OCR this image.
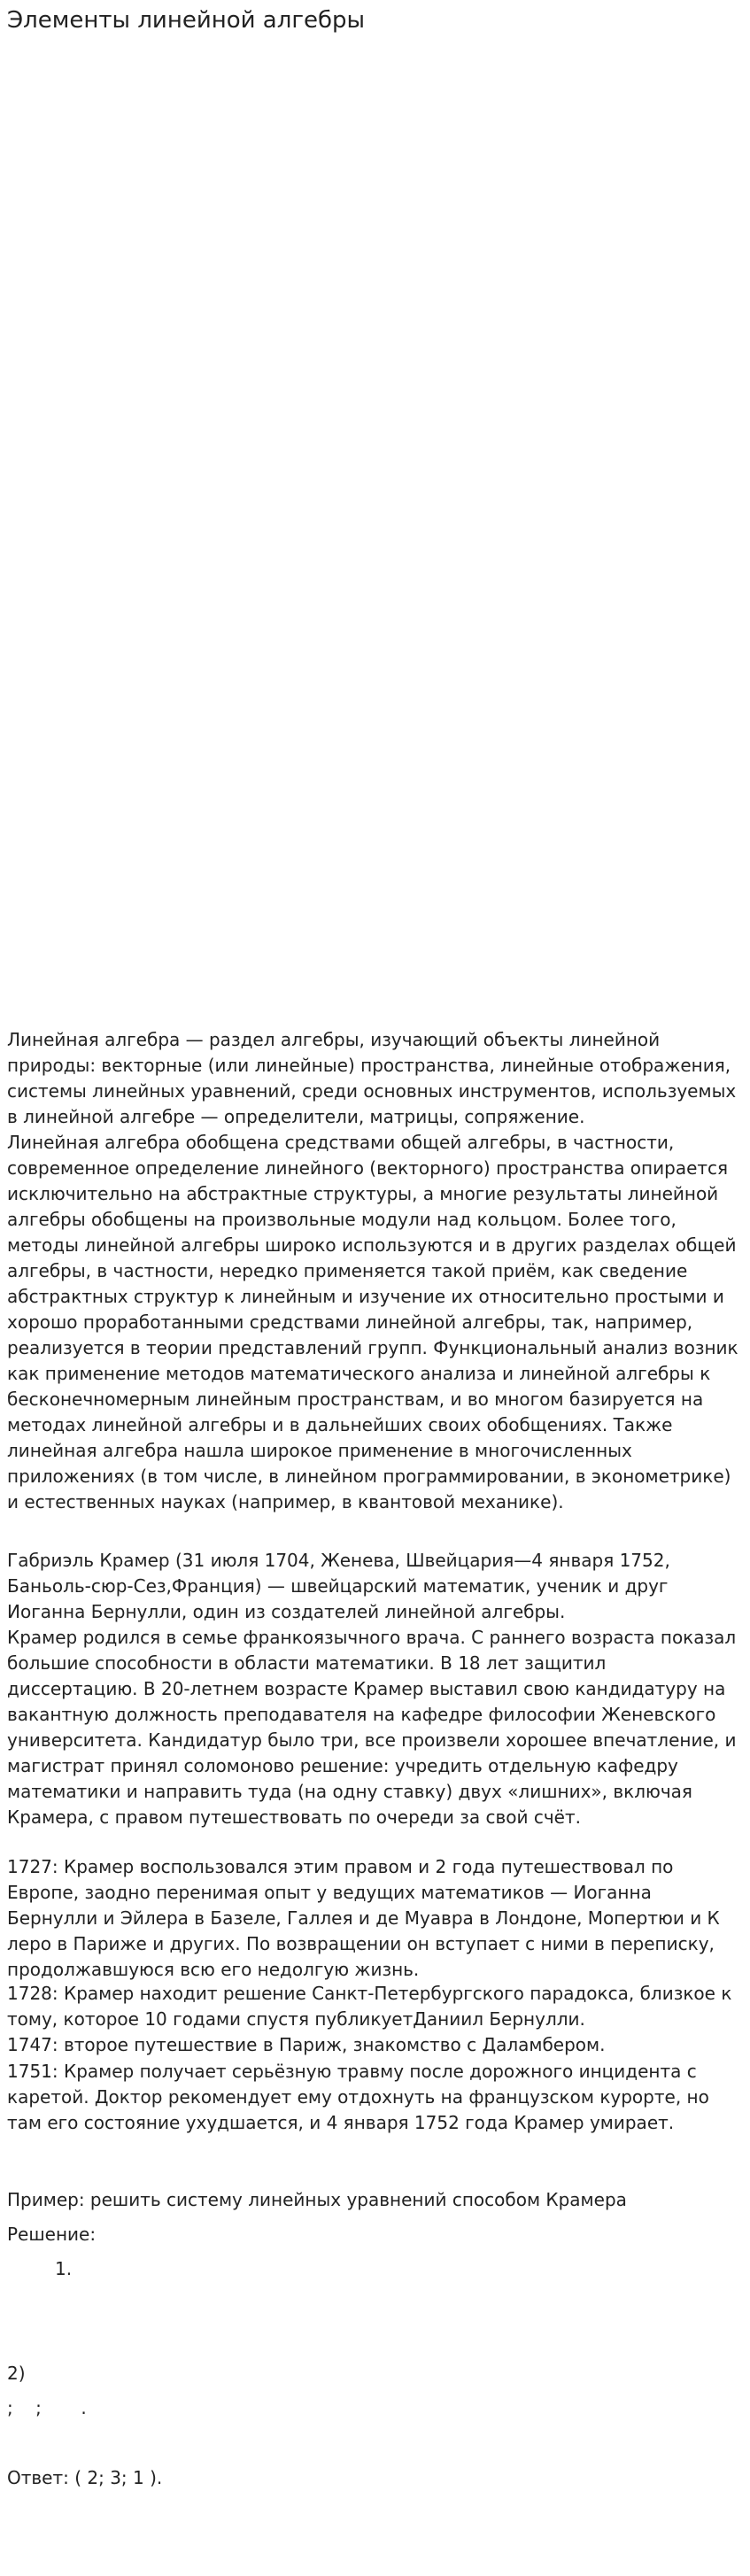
Элементы линейной алгебры

Линейная алгебра — раздел алгебры, изучающий объекты линейной природы: векторные (или линейные) пространства, линейные отображения, системы линейных уравнений, среди основных инструментов, используемых в линейной алгебре — определители, матрицы, сопряжение.

Линейная алгебра обобщена средствами общей алгебры, в частности, современное определение линейного (векторного) пространства опирается исключительно на абстрактные структуры, а многие результаты линейной алгебры обобщены на произвольные модули над кольцом. Более того, методы линейной алгебры широко используются и в других разделах общей алгебры, в частности, нередко применяется такой приём, как сведение абстрактных структур к линейным и изучение их относительно простыми и хорошо проработанными средствами линейной алгебры, так, например, реализуется в теории представлений групп. Функциональный анализ возник как применение методов математического анализа и линейной алгебры к бесконечномерным линейным пространствам, и во многом базируется на методах линейной алгебры и в дальнейших своих обобщениях. Также линейная алгебра нашла широкое применение в многочисленных приложениях (в том числе, в линейном программировании, в эконометрике) и естественных науках (например, в квантовой механике).

Габриэль Крамер (31 июля 1704, Женева, Швейцария—4 января 1752, Баньоль-сюр-Сез,Франция) — швейцарский математик, ученик и друг Иоганна Бернулли, один из создателей линейной алгебры.

Крамер родился в семье франкоязычного врача. С раннего возраста показал большие способности в области математики. В 18 лет защитил диссертацию. В 20-летнем возрасте Крамер выставил свою кандидатуру на вакантную должность преподавателя на кафедре философии Женевского университета. Кандидатур было три, все произвели хорошее впечатление, и магистрат принял соломоново решение: учредить отдельную кафедру математики и направить туда (на одну ставку) двух «лишних», включая Крамера, с правом путешествовать по очереди за свой счёт.

1727: Крамер воспользовался этим правом и 2 года путешествовал по Европе, заодно перенимая опыт у ведущих математиков — Иоганна Бернулли и Эйлера в Базеле, Галлея и де Муавра в Лондоне, Мопертюи и К леро в Париже и других. По возвращении он вступает с ними в переписку, продолжавшуюся всю его недолгую жизнь.

1728: Крамер находит решение Санкт-Петербургского парадокса, близкое к тому, которое 10 годами спустя публикуетДаниил Бернулли.

1747: второе путешествие в Париж, знакомство с Даламбером.

1751: Крамер получает серьёзную травму после дорожного инцидента с каретой. Доктор рекомендует ему отдохнуть на французском курорте, но там его состояние ухудшается, и 4 января 1752 года Крамер умирает.

Пример: решить систему линейных уравнений способом Крамера

Решение:

1.

2)

;    ;       .

Ответ: ( 2; 3; 1 ).
